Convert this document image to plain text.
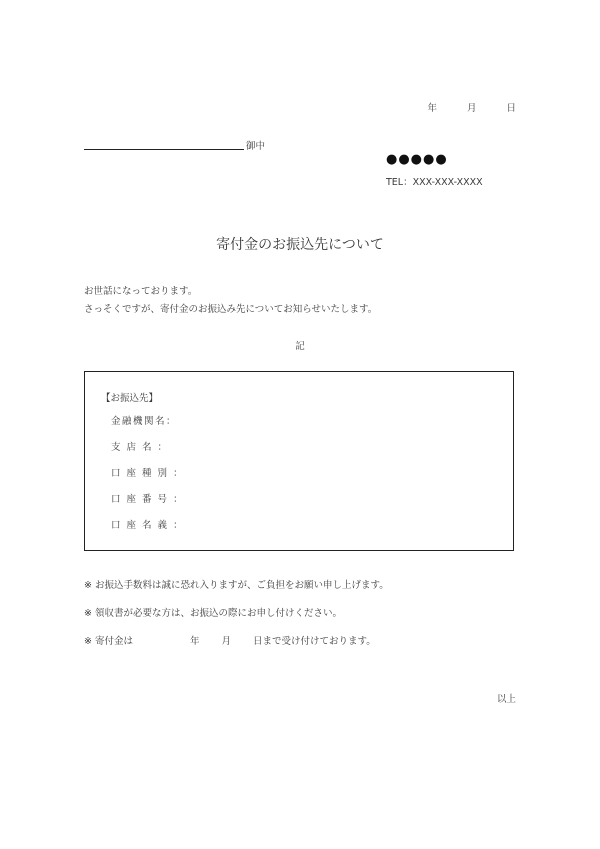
年	月	日
御中
●●●●●
TEL：XXX-XXX-XXXX
寄付金のお振込先について
お世話になっております。
さっそくですが、寄付金のお振込み先についてお知らせいたします。
記
【お振込先】
金融機関名：
支 店 名 ：
口 座 種 別 ：
口 座 番 号 ：
口 座 名 義 ：
※ お振込手数料は誠に恐れ入りますが、ご負担をお願い申し上げます。
※ 領収書が必要な方は、お振込の際にお申し付けください。
※ 寄付金は	年 月 日まで受け付けております。
以上
